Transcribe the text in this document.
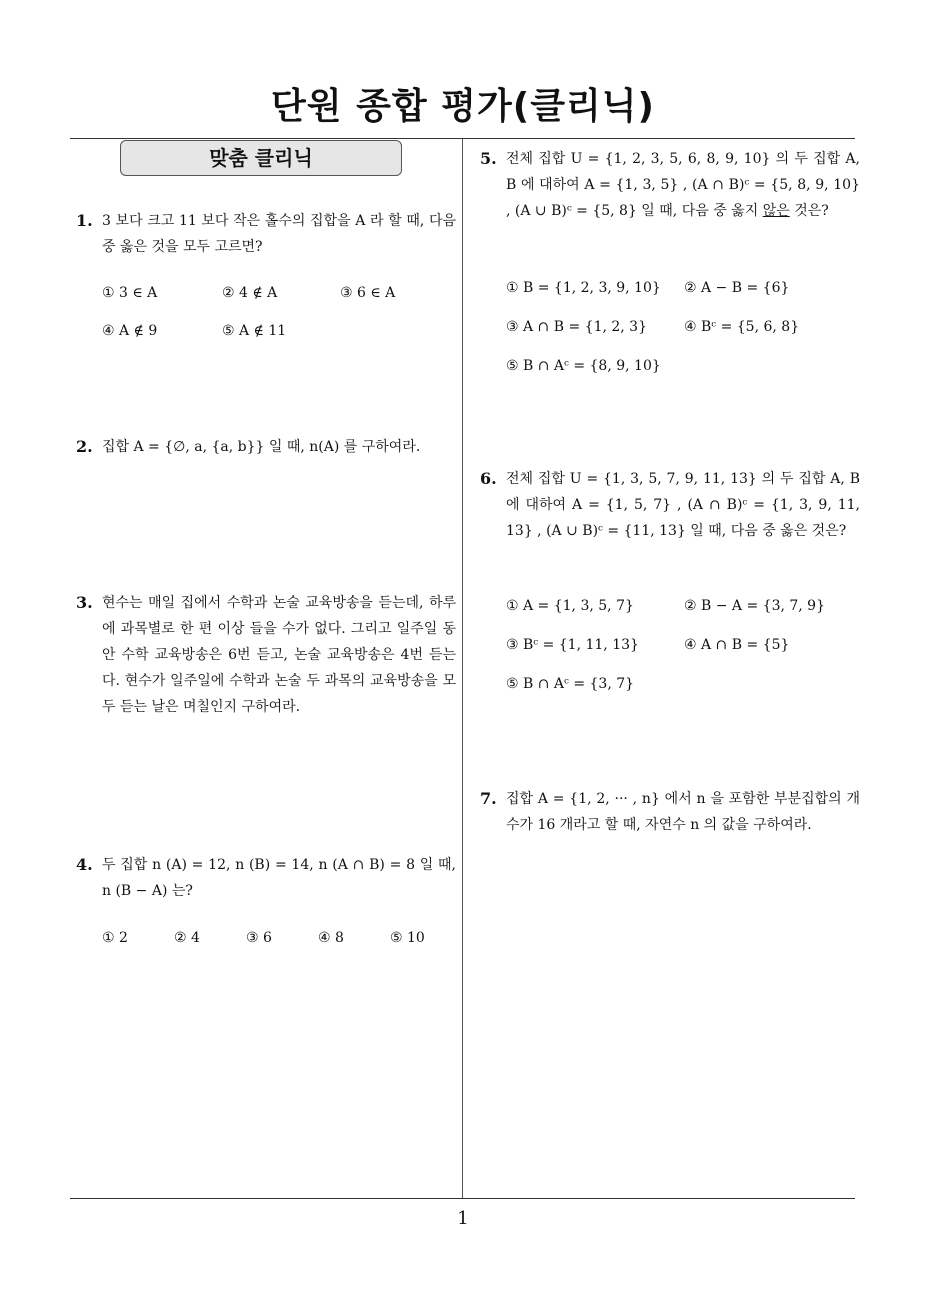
단원 종합 평가(클리닉)
맞춤 클리닉
1. 3 보다 크고 11 보다 작은 홀수의 집합을 A 라 할 때, 다음 중 옳은 것을 모두 고르면?
① 3 ∈ A	② 4 ∉ A	③ 6 ∈ A
④ A ∉ 9	⑤ A ∉ 11
2. 집합 A = {∅, a, {a, b}} 일 때, n(A) 를 구하여라.
3. 현수는 매일 집에서 수학과 논술 교육방송을 듣는데, 하루에 과목별로 한 편 이상 들을 수가 없다. 그리고 일주일 동안 수학 교육방송은 6번 듣고, 논술 교육방송은 4번 듣는다. 현수가 일주일에 수학과 논술 두 과목의 교육방송을 모두 듣는 날은 며칠인지 구하여라.
4. 두 집합 n (A) = 12, n (B) = 14, n (A ∩ B) = 8 일 때, n (B − A) 는?
① 2	② 4	③ 6	④ 8	⑤ 10
5. 전체 집합 U = {1, 2, 3, 5, 6, 8, 9, 10} 의 두 집합 A, B 에 대하여 A = {1, 3, 5} , (A ∩ B)ᶜ = {5, 8, 9, 10} , (A ∪ B)ᶜ = {5, 8} 일 때, 다음 중 옳지 않은 것은?
① B = {1, 2, 3, 9, 10} ② A − B = {6}
③ A ∩ B = {1, 2, 3}	④ Bᶜ = {5, 6, 8}
⑤ B ∩ Aᶜ = {8, 9, 10}
6. 전체 집합 U = {1, 3, 5, 7, 9, 11, 13} 의 두 집합 A, B 에 대하여 A = {1, 5, 7} , (A ∩ B)ᶜ = {1, 3, 9, 11, 13} , (A ∪ B)ᶜ = {11, 13} 일 때, 다음 중 옳은 것은?
① A = {1, 3, 5, 7}	② B − A = {3, 7, 9}
③ Bᶜ = {1, 11, 13}	④ A ∩ B = {5}
⑤ B ∩ Aᶜ = {3, 7}
7. 집합 A = {1, 2, ··· , n} 에서 n 을 포함한 부분집합의 개수가 16 개라고 할 때, 자연수 n 의 값을 구하여라.
1
